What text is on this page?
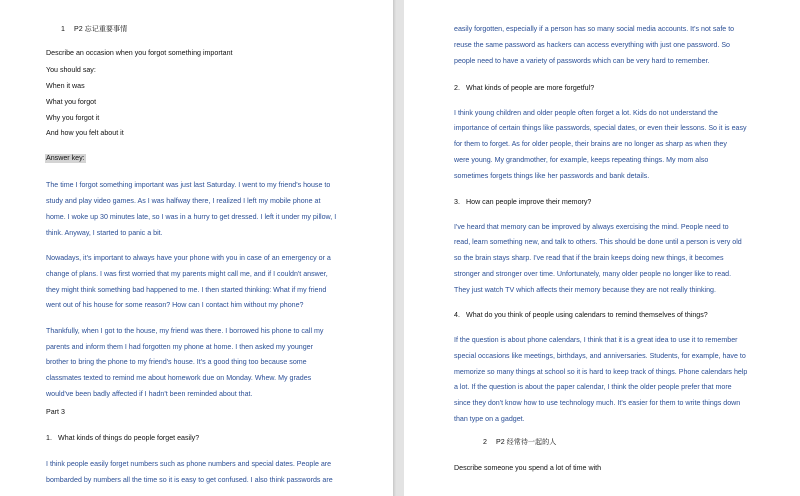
1 P2 忘记重要事情
Describe an occasion when you forgot something important
You should say:
When it was
What you forgot
Why you forgot it
And how you felt about it
Answer key:
The time I forgot something important was just last Saturday. I went to my friend's house to
study and play video games. As I was halfway there, I realized I left my mobile phone at
home. I woke up 30 minutes late, so I was in a hurry to get dressed. I left it under my pillow, I
think. Anyway, I started to panic a bit.
Nowadays, it's important to always have your phone with you in case of an emergency or a
change of plans. I was first worried that my parents might call me, and if I couldn't answer,
they might think something bad happened to me. I then started thinking: What if my friend
went out of his house for some reason? How can I contact him without my phone?
Thankfully, when I got to the house, my friend was there. I borrowed his phone to call my
parents and inform them I had forgotten my phone at home. I then asked my younger
brother to bring the phone to my friend's house. It's a good thing too because some
classmates texted to remind me about homework due on Monday. Whew. My grades
would've been badly affected if I hadn't been reminded about that.
Part 3
1. What kinds of things do people forget easily?
I think people easily forget numbers such as phone numbers and special dates. People are
bombarded by numbers all the time so it is easy to get confused. I also think passwords are
easily forgotten, especially if a person has so many social media accounts. It's not safe to
reuse the same password as hackers can access everything with just one password. So
people need to have a variety of passwords which can be very hard to remember.
2. What kinds of people are more forgetful?
I think young children and older people often forget a lot. Kids do not understand the
importance of certain things like passwords, special dates, or even their lessons. So it is easy
for them to forget. As for older people, their brains are no longer as sharp as when they
were young. My grandmother, for example, keeps repeating things. My mom also
sometimes forgets things like her passwords and bank details.
3. How can people improve their memory?
I've heard that memory can be improved by always exercising the mind. People need to
read, learn something new, and talk to others. This should be done until a person is very old
so the brain stays sharp. I've read that if the brain keeps doing new things, it becomes
stronger and stronger over time. Unfortunately, many older people no longer like to read.
They just watch TV which affects their memory because they are not really thinking.
4. What do you think of people using calendars to remind themselves of things?
If the question is about phone calendars, I think that it is a great idea to use it to remember
special occasions like meetings, birthdays, and anniversaries. Students, for example, have to
memorize so many things at school so it is hard to keep track of things. Phone calendars help
a lot. If the question is about the paper calendar, I think the older people prefer that more
since they don't know how to use technology much. It's easier for them to write things down
than type on a gadget.
2 P2 经常待一起的人
Describe someone you spend a lot of time with
